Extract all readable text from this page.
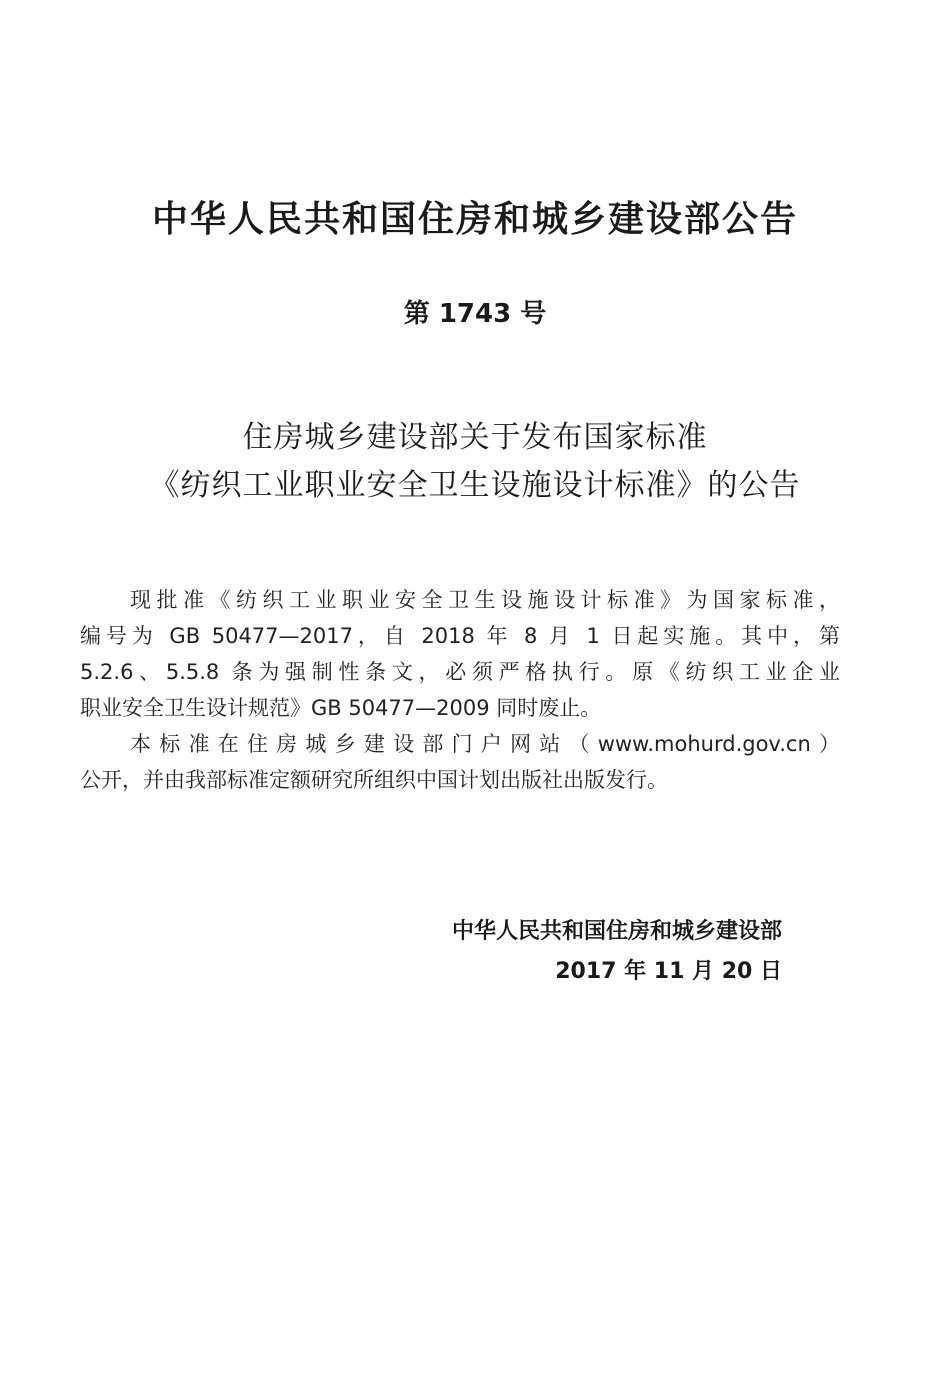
中华人民共和国住房和城乡建设部公告
第 1743 号
住房城乡建设部关于发布国家标准
《纺织工业职业安全卫生设施设计标准》的公告
现批准《纺织工业职业安全卫生设施设计标准》为国家标准，
编号为 GB 50477—2017，自 2018 年 8 月 1 日起实施。其中，第
5.2.6、5.5.8 条为强制性条文，必须严格执行。原《纺织工业企业
职业安全卫生设计规范》GB 50477—2009 同时废止。
本标准在住房城乡建设部门户网站（www.mohurd.gov.cn）
公开，并由我部标准定额研究所组织中国计划出版社出版发行。
中华人民共和国住房和城乡建设部
2017 年 11 月 20 日
